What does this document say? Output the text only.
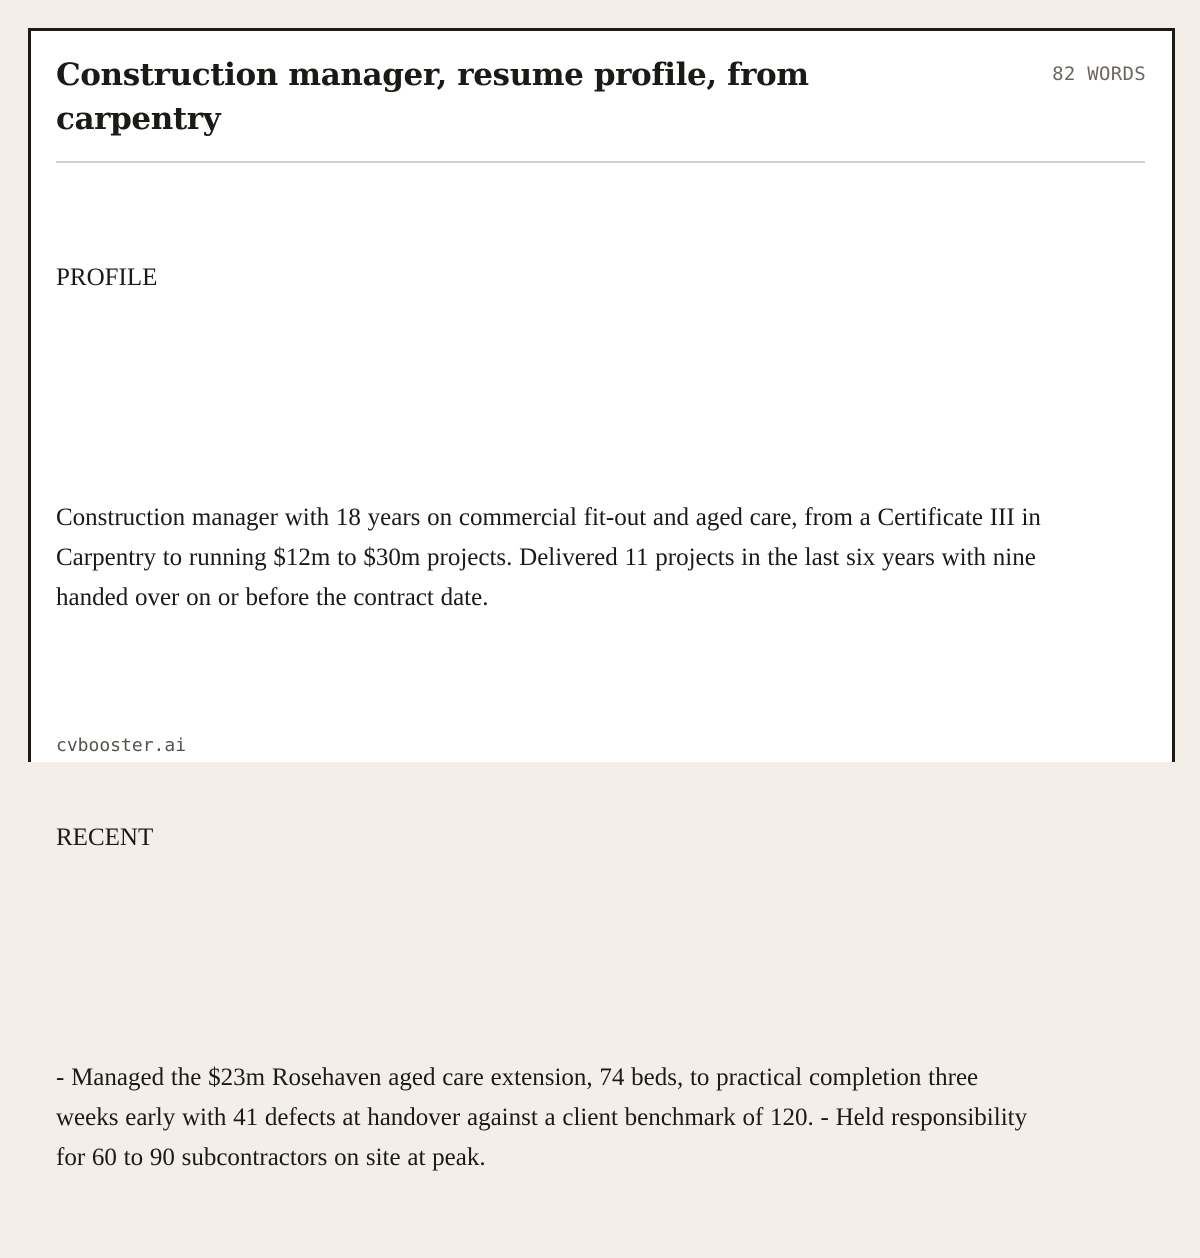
Construction manager, resume profile, from carpentry
82 WORDS

PROFILE

Construction manager with 18 years on commercial fit-out and aged care, from a Certificate III in Carpentry to running $12m to $30m projects. Delivered 11 projects in the last six years with nine handed over on or before the contract date.

RECENT

- Managed the $23m Rosehaven aged care extension, 74 beds, to practical completion three weeks early with 41 defects at handover against a client benchmark of 120. - Held responsibility for 60 to 90 subcontractors on site at peak.

cvbooster.ai
